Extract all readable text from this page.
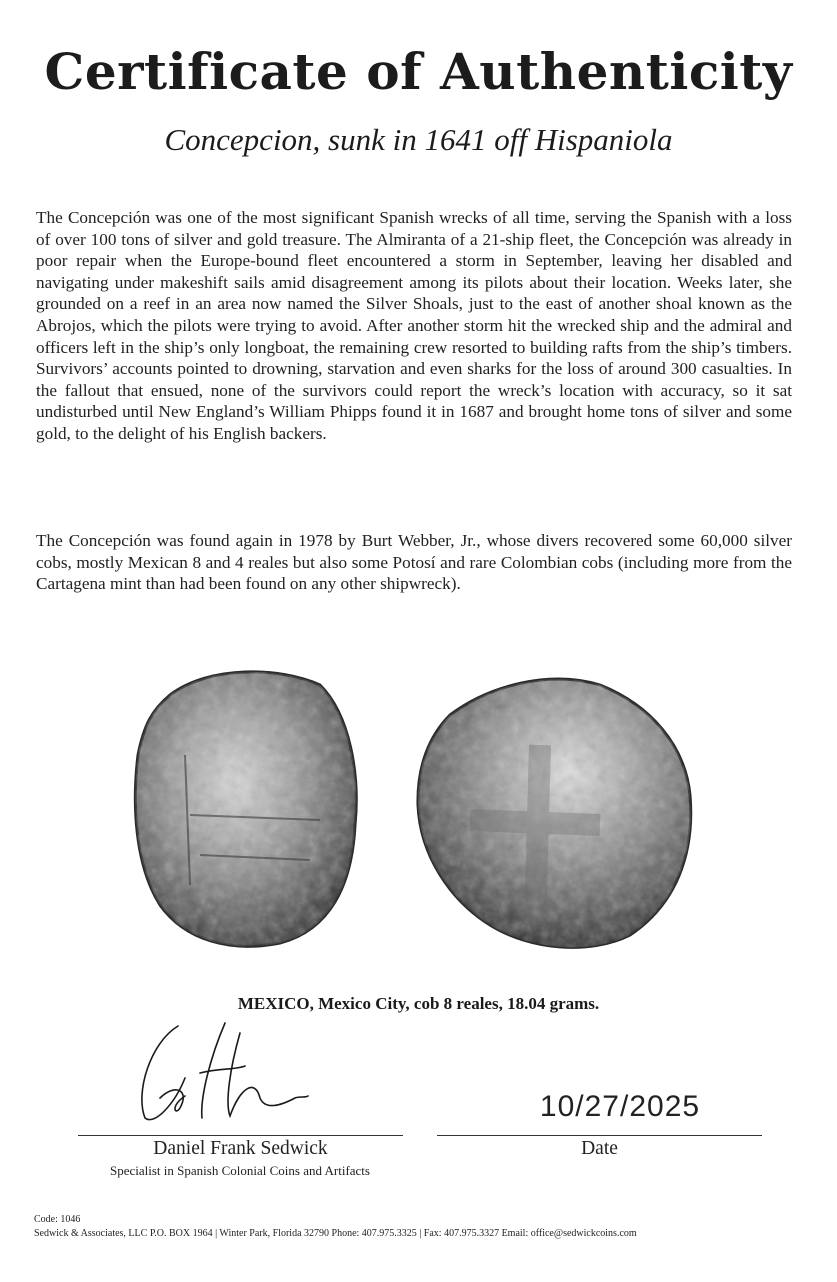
Certificate of Authenticity
Concepcion, sunk in 1641 off Hispaniola
The Concepción was one of the most significant Spanish wrecks of all time, serving the Spanish with a loss of over 100 tons of silver and gold treasure. The Almiranta of a 21-ship fleet, the Concepción was already in poor repair when the Europe-bound fleet encountered a storm in September, leaving her disabled and navigating under makeshift sails amid disagreement among its pilots about their location. Weeks later, she grounded on a reef in an area now named the Silver Shoals, just to the east of another shoal known as the Abrojos, which the pilots were trying to avoid. After another storm hit the wrecked ship and the admiral and officers left in the ship’s only longboat, the remaining crew resorted to building rafts from the ship’s timbers. Survivors’ accounts pointed to drowning, starvation and even sharks for the loss of around 300 casualties. In the fallout that ensued, none of the survivors could report the wreck’s location with accuracy, so it sat undisturbed until New England’s William Phipps found it in 1687 and brought home tons of silver and some gold, to the delight of his English backers.
The Concepción was found again in 1978 by Burt Webber, Jr., whose divers recovered some 60,000 silver cobs, mostly Mexican 8 and 4 reales but also some Potosí and rare Colombian cobs (including more from the Cartagena mint than had been found on any other shipwreck).
MEXICO, Mexico City, cob 8 reales, 18.04 grams.
10/27/2025
Daniel Frank Sedwick
Specialist in Spanish Colonial Coins and Artifacts
Date
Code: 1046
Sedwick & Associates, LLC P.O. BOX 1964 | Winter Park, Florida 32790 Phone: 407.975.3325 | Fax: 407.975.3327 Email: office@sedwickcoins.com
